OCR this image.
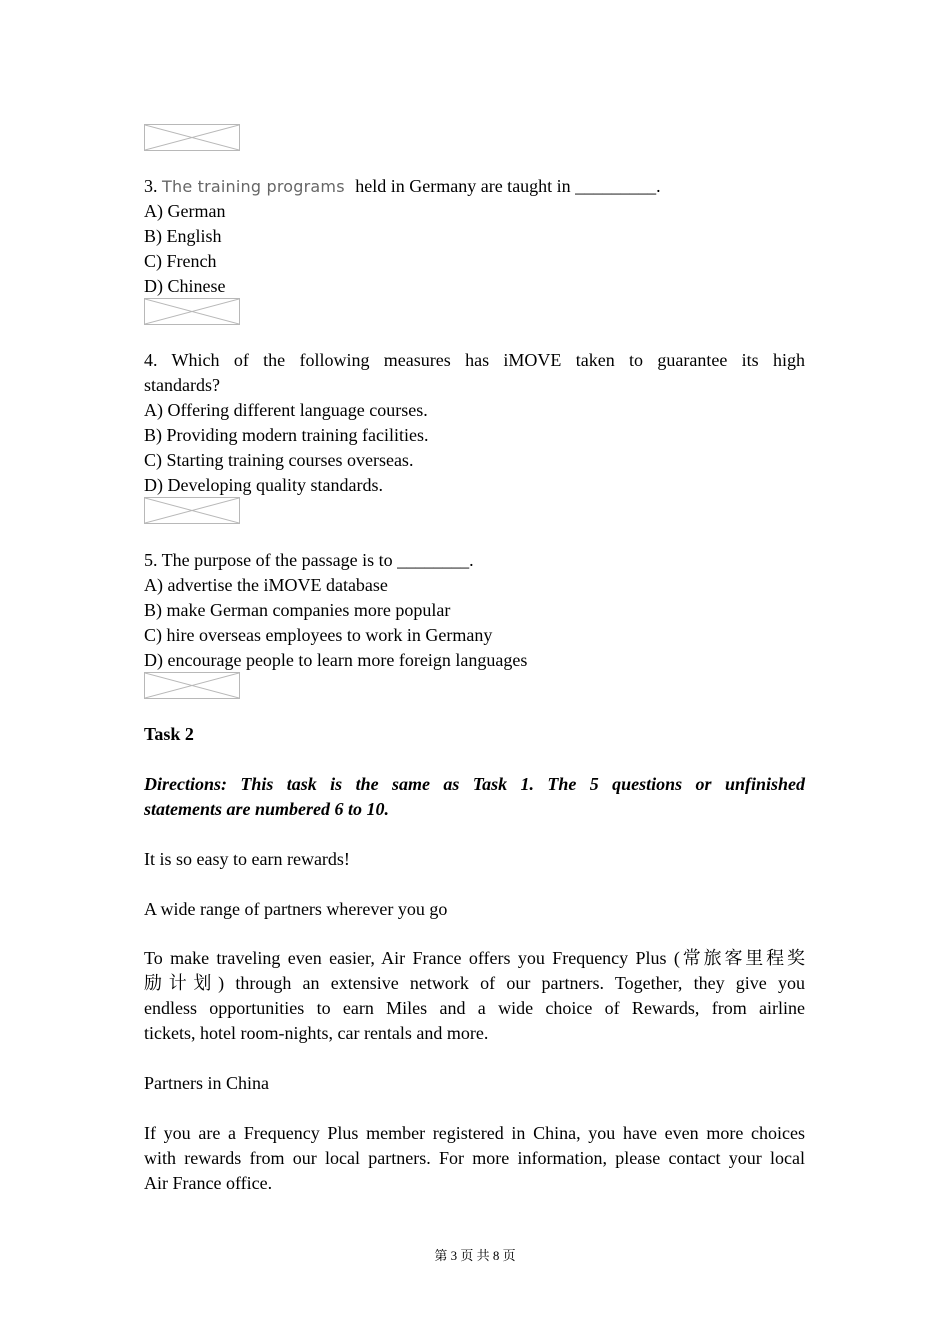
3. The training programs held in Germany are taught in _________.
A) German
B) English
C) French
D) Chinese
4. Which of the following measures has iMOVE taken to guarantee its high
standards?
A) Offering different language courses.
B) Providing modern training facilities.
C) Starting training courses overseas.
D) Developing quality standards.
5. The purpose of the passage is to ________.
A) advertise the iMOVE database
B) make German companies more popular
C) hire overseas employees to work in Germany
D) encourage people to learn more foreign languages
Task 2
Directions: This task is the same as Task 1. The 5 questions or unfinished
statements are numbered 6 to 10.
It is so easy to earn rewards!
A wide range of partners wherever you go
To make traveling even easier, Air France offers you Frequency Plus (常旅客里程奖
励计划) through an extensive network of our partners. Together, they give you
endless opportunities to earn Miles and a wide choice of Rewards, from airline
tickets, hotel room-nights, car rentals and more.
Partners in China
If you are a Frequency Plus member registered in China, you have even more choices
with rewards from our local partners. For more information, please contact your local
Air France office.
第 3 页 共 8 页
